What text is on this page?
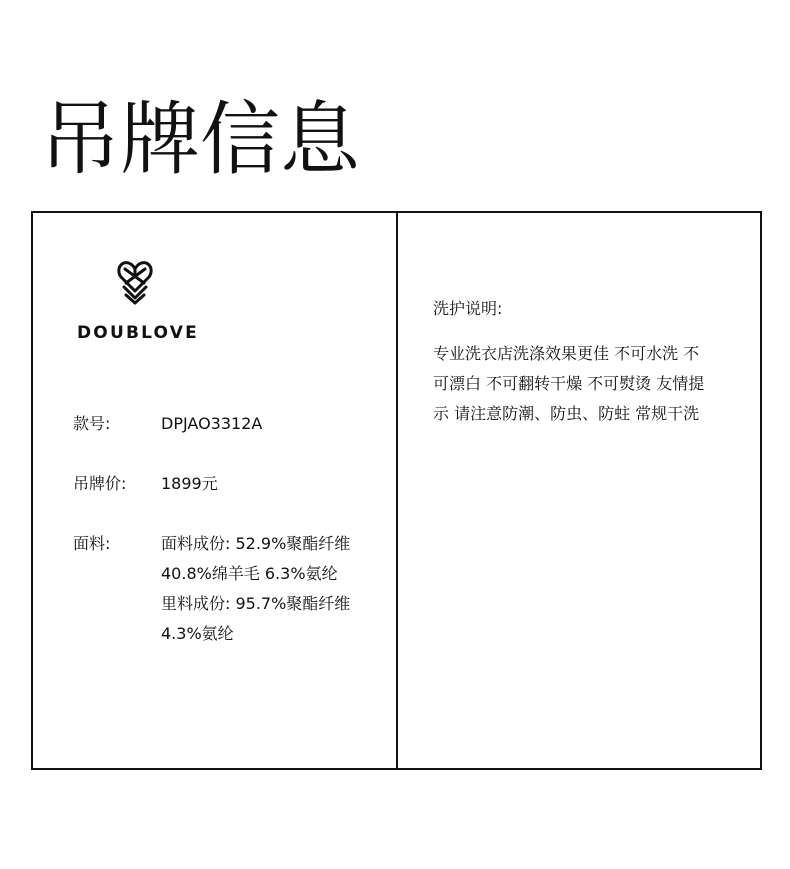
吊牌信息
DOUBLOVE
款号:	DPJAO3312A
吊牌价: 1899元
面料:	面料成份: 52.9%聚酯纤维
40.8%绵羊毛 6.3%氨纶
里料成份: 95.7%聚酯纤维
4.3%氨纶
洗护说明:
专业洗衣店洗涤效果更佳 不可水洗 不
可漂白 不可翻转干燥 不可熨烫 友情提
示 请注意防潮、防虫、防蛀 常规干洗
